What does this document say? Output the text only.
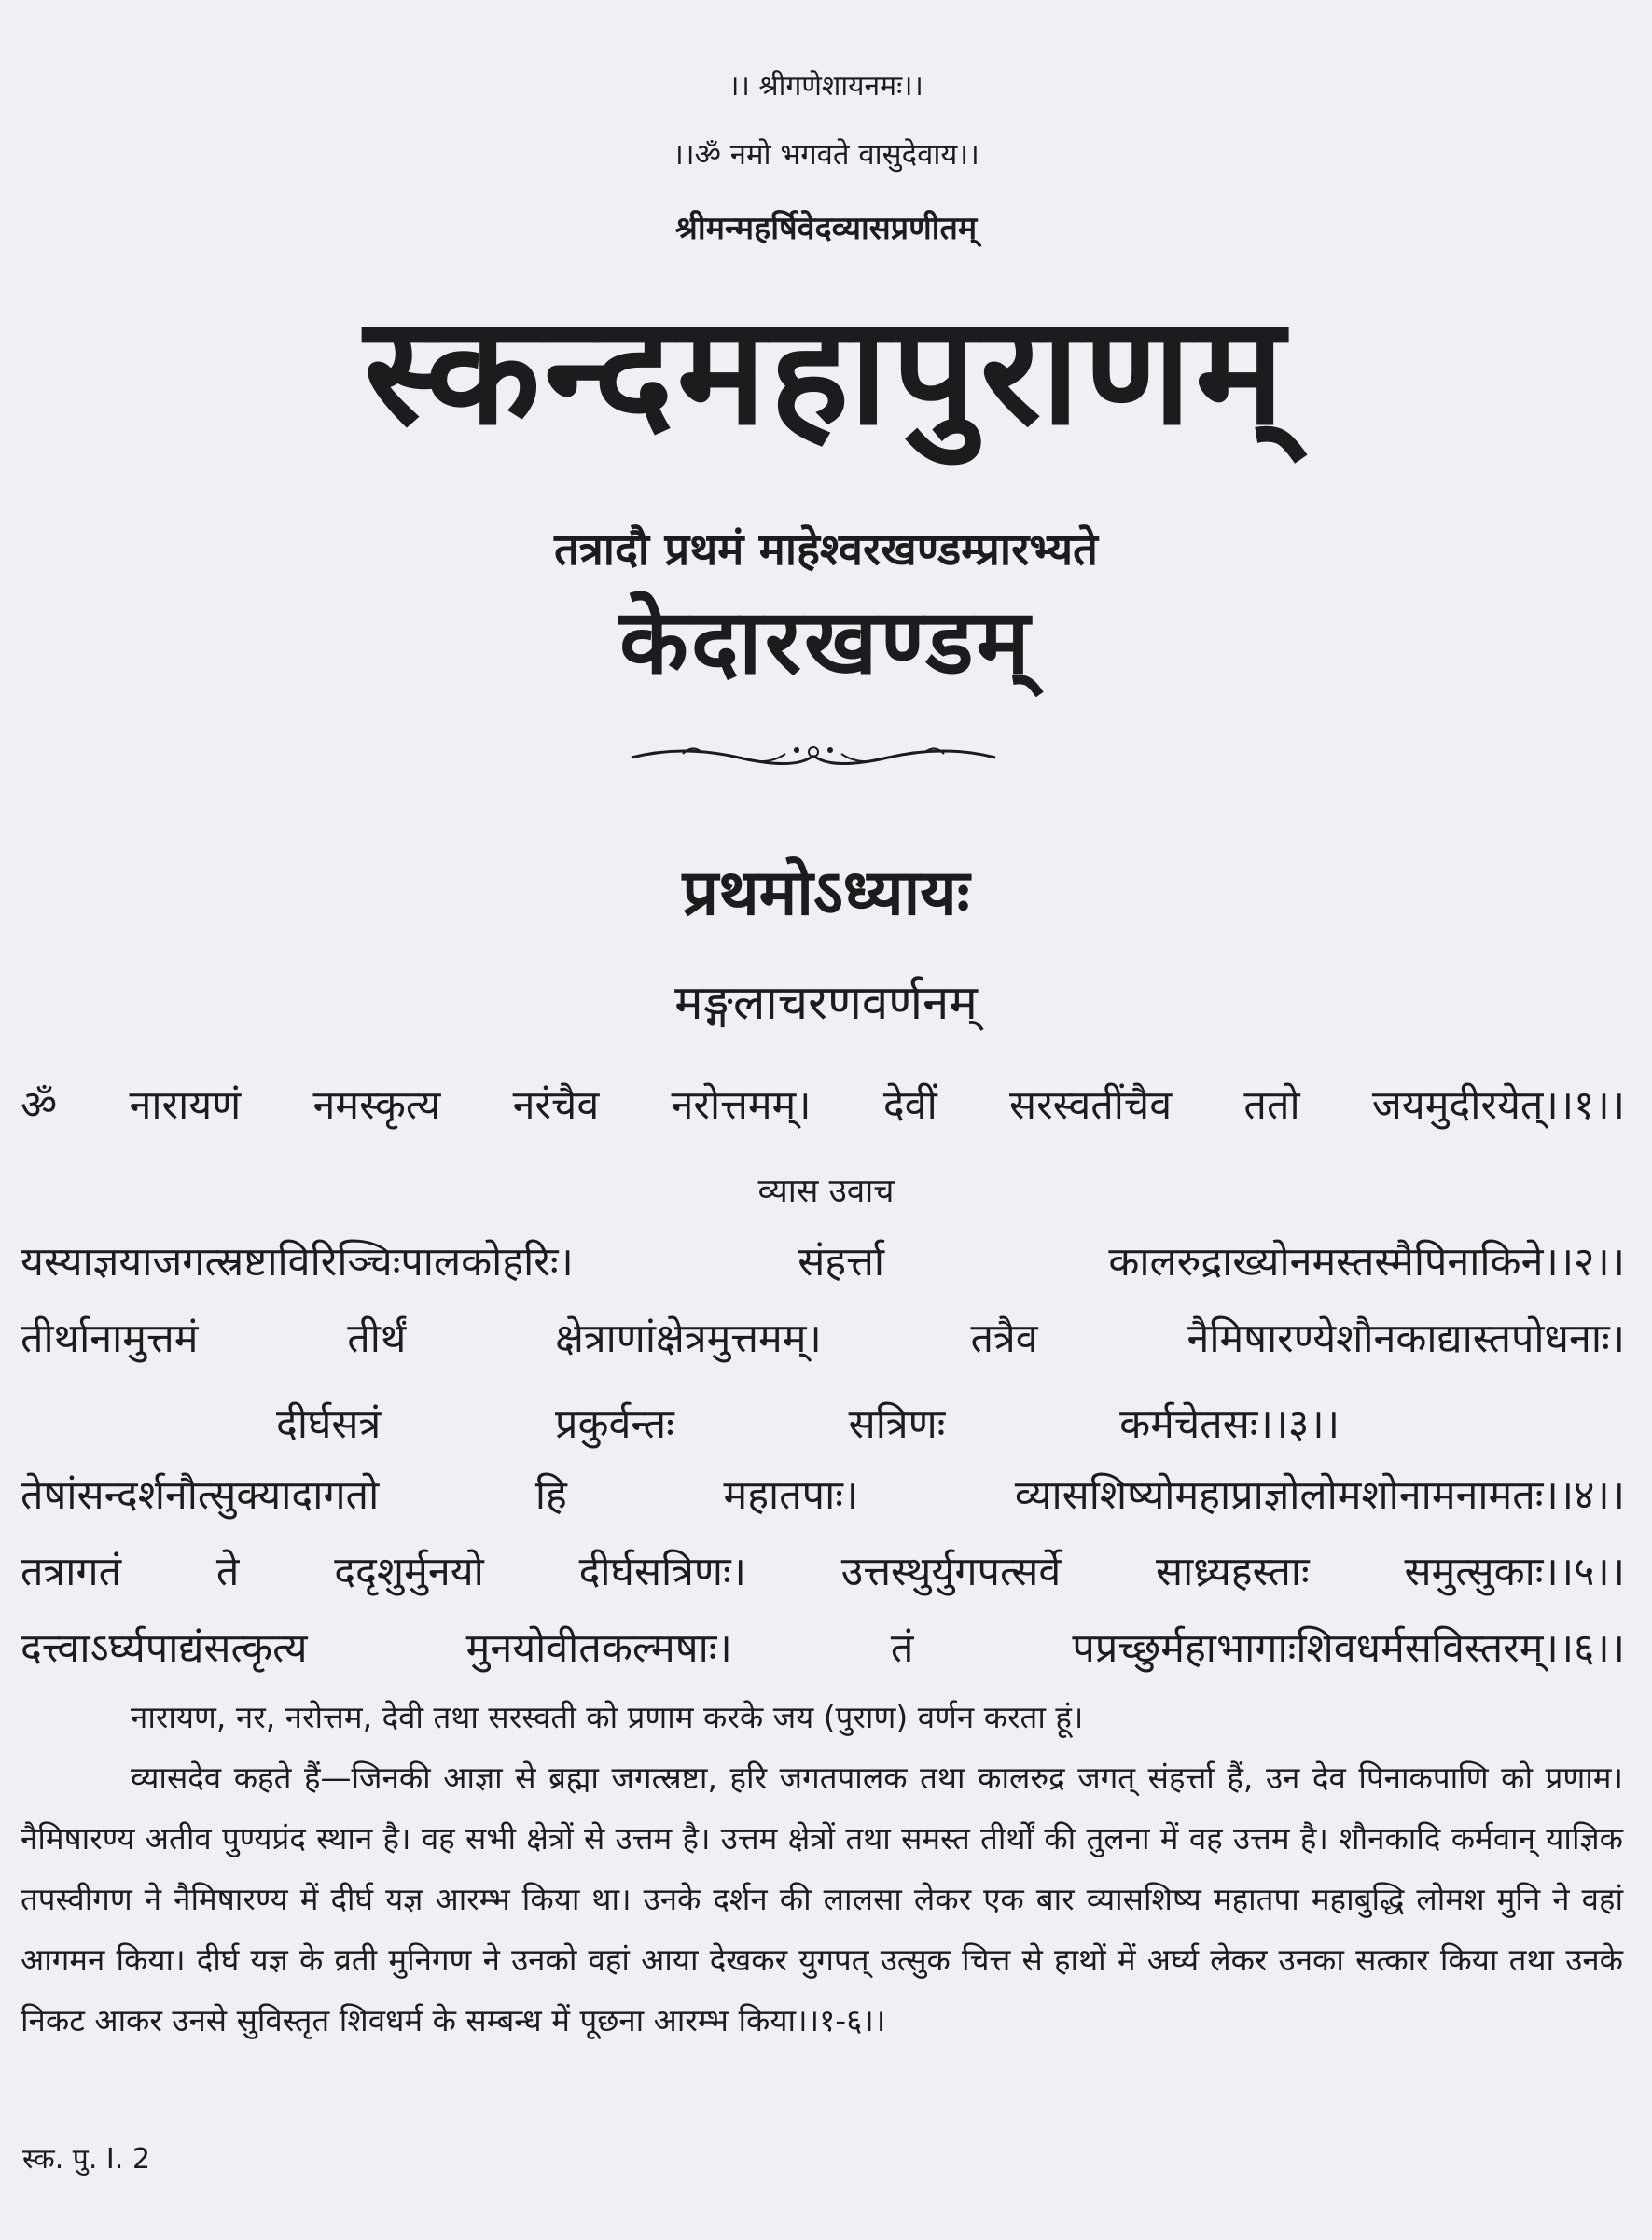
।। श्रीगणेशायनमः।।
।।ॐ नमो भगवते वासुदेवाय।।
श्रीमन्महर्षिवेदव्यासप्रणीतम्
स्कन्दमहापुराणम्
तत्रादौ प्रथमं माहेश्वरखण्डम्प्रारभ्यते
केदारखण्डम्
प्रथमोऽध्यायः
मङ्गलाचरणवर्णनम्
ॐ नारायणं नमस्कृत्य नरंचैव नरोत्तमम्। देवीं सरस्वतींचैव ततो जयमुदीरयेत्।।१।।
व्यास उवाच
यस्याज्ञयाजगत्स्रष्टाविरिञ्चिःपालकोहरिः। संहर्त्ता कालरुद्राख्योनमस्तस्मैपिनाकिने।।२।।
तीर्थानामुत्तमं तीर्थं क्षेत्राणांक्षेत्रमुत्तमम्। तत्रैव नैमिषारण्येशौनकाद्यास्तपोधनाः।
दीर्घसत्रं प्रकुर्वन्तः सत्रिणः कर्मचेतसः।।३।।
तेषांसन्दर्शनौत्सुक्यादागतो हि महातपाः। व्यासशिष्योमहाप्राज्ञोलोमशोनामनामतः।।४।।
तत्रागतं ते ददृशुर्मुनयो दीर्घसत्रिणः। उत्तस्थुर्युगपत्सर्वे साध्र्यहस्ताः समुत्सुकाः।।५।।
दत्त्वाऽर्घ्यपाद्यंसत्कृत्य मुनयोवीतकल्मषाः। तं पप्रच्छुर्महाभागाःशिवधर्मसविस्तरम्।।६।।

नारायण, नर, नरोत्तम, देवी तथा सरस्वती को प्रणाम करके जय (पुराण) वर्णन करता हूं।

व्यासदेव कहते हैं—जिनकी आज्ञा से ब्रह्मा जगत्स्रष्टा, हरि जगतपालक तथा कालरुद्र जगत् संहर्त्ता हैं, उन देव पिनाकपाणि को प्रणाम। नैमिषारण्य अतीव पुण्यप्रंद स्थान है। वह सभी क्षेत्रों से उत्तम है। उत्तम क्षेत्रों तथा समस्त तीर्थों की तुलना में वह उत्तम है। शौनकादि कर्मवान् याज्ञिक तपस्वीगण ने नैमिषारण्य में दीर्घ यज्ञ आरम्भ किया था। उनके दर्शन की लालसा लेकर एक बार व्यासशिष्य महातपा महाबुद्धि लोमश मुनि ने वहां आगमन किया। दीर्घ यज्ञ के व्रती मुनिगण ने उनको वहां आया देखकर युगपत् उत्सुक चित्त से हाथों में अर्घ्य लेकर उनका सत्कार किया तथा उनके निकट आकर उनसे सुविस्तृत शिवधर्म के सम्बन्ध में पूछना आरम्भ किया।।१-६।।

स्क. पु. I. 2
